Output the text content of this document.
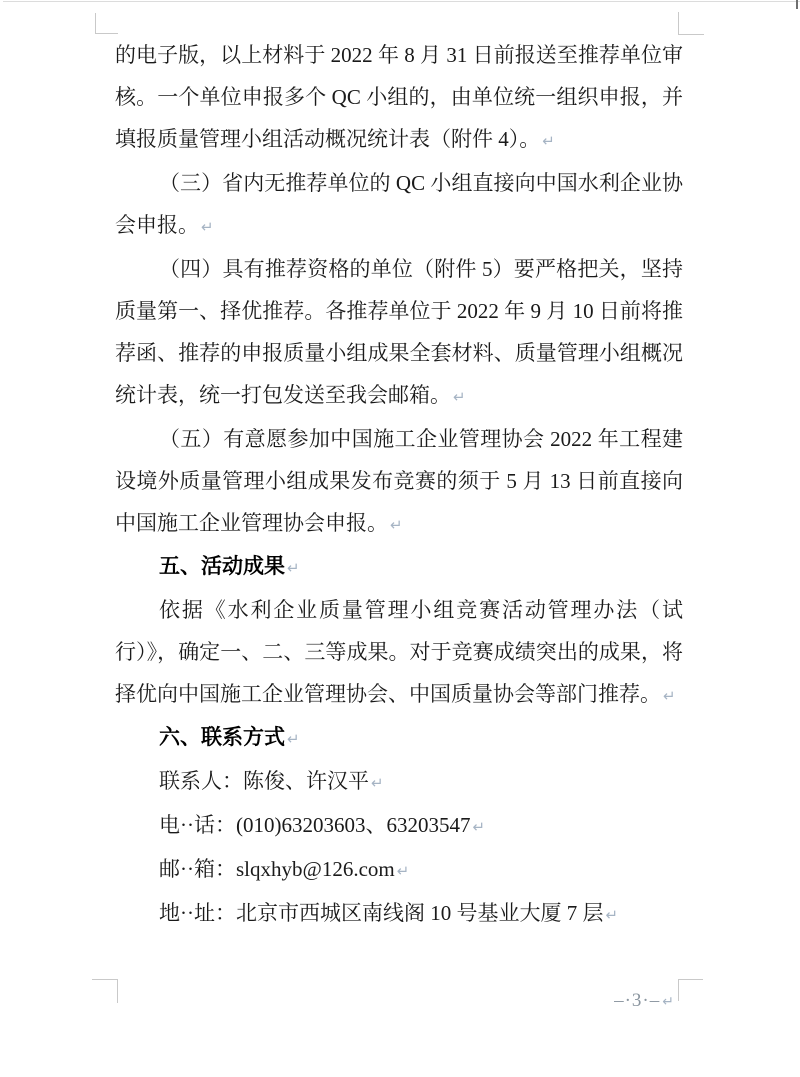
的电子版，以上材料于 2022 年 8 月 31 日前报送至推荐单位审核。一个单位申报多个 QC 小组的，由单位统一组织申报，并填报质量管理小组活动概况统计表（附件 4）。 ↵

（三）省内无推荐单位的 QC 小组直接向中国水利企业协会申报。 ↵

（四）具有推荐资格的单位（附件 5）要严格把关，坚持质量第一、择优推荐。各推荐单位于 2022 年 9 月 10 日前将推荐函、推荐的申报质量小组成果全套材料、质量管理小组概况统计表，统一打包发送至我会邮箱。 ↵

（五）有意愿参加中国施工企业管理协会 2022 年工程建设境外质量管理小组成果发布竞赛的须于 5 月 13 日前直接向中国施工企业管理协会申报。 ↵

五、活动成果 ↵

依据《水利企业质量管理小组竞赛活动管理办法（试行）》，确定一、二、三等成果。对于竞赛成绩突出的成果，将择优向中国施工企业管理协会、中国质量协会等部门推荐。 ↵

六、联系方式 ↵

联系人：陈俊、许汉平 ↵

电··话：(010)63203603、63203547 ↵

邮··箱：slqxhyb@126.com ↵

地··址：北京市西城区南线阁 10 号基业大厦 7 层 ↵

–·3·– ↵
